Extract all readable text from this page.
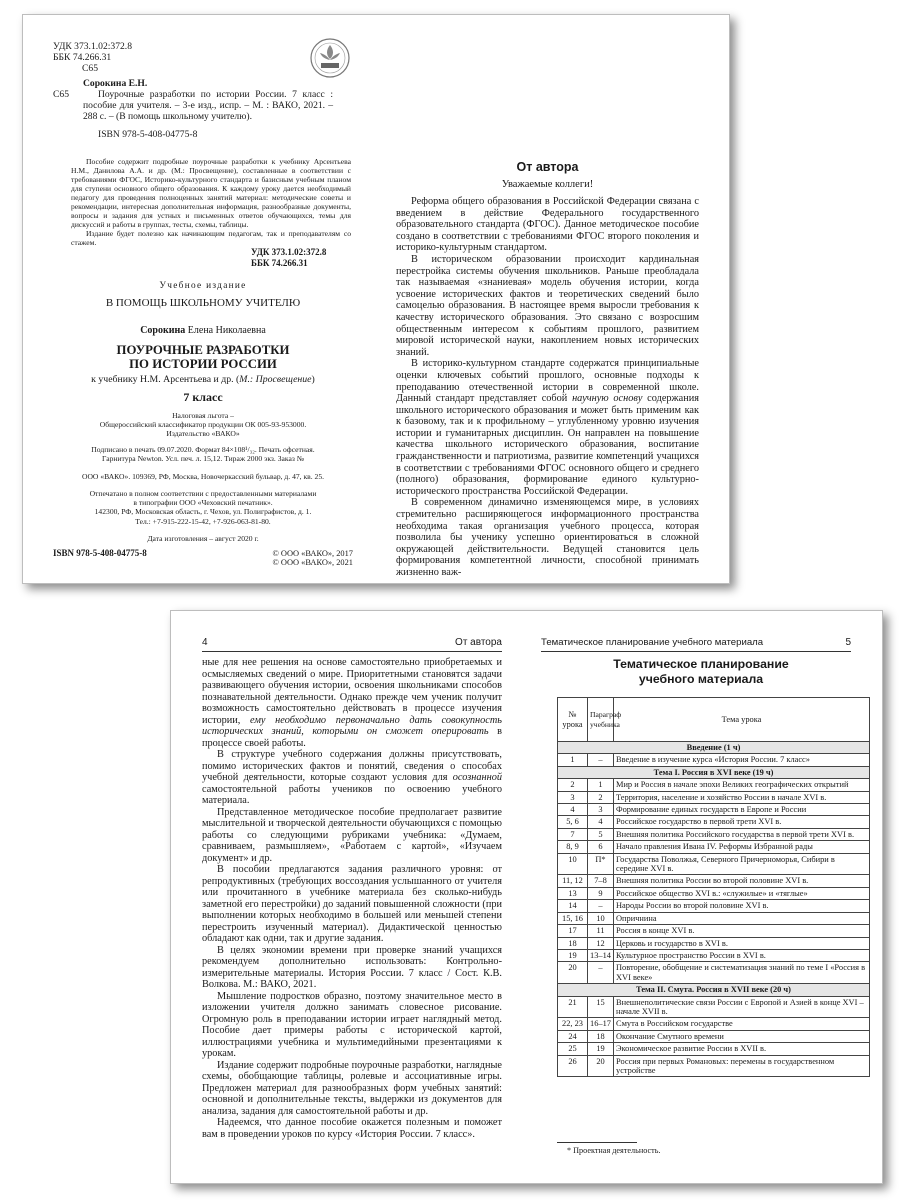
УДК 373.1.02:372.8
ББК 74.266.31
С65
Сорокина Е.Н.
С65	Поурочные разработки по истории России. 7 класс : пособие для учителя. – 3-е изд., испр. – М. : ВАКО, 2021. – 288 с. – (В помощь школьному учителю).
ISBN 978-5-408-04775-8

Пособие содержит подробные поурочные разработки к учебнику Арсентьева Н.М., Данилова А.А. и др. (М.: Просвещение), составленные в соответствии с требованиями ФГОС, Историко-культурного стандарта и базисным учебным планом для ступени основного общего образования. К каждому уроку дается необходимый педагогу для проведения полноценных занятий материал: методические советы и рекомендации, интересная дополнительная информация, разнообразные документы, вопросы и задания для устных и письменных ответов обучающихся, темы для дискуссий и работы в группах, тесты, схемы, таблицы.

Издание будет полезно как начинающим педагогам, так и преподавателям со стажем.

УДК 373.1.02:372.8
ББК 74.266.31
Учебное издание
В ПОМОЩЬ ШКОЛЬНОМУ УЧИТЕЛЮ
Сорокина Елена Николаевна
ПОУРОЧНЫЕ РАЗРАБОТКИ
ПО ИСТОРИИ РОССИИ
к учебнику Н.М. Арсентьева и др. (М.: Просвещение)
7 класс
Налоговая льгота –
Общероссийский классификатор продукции ОК 005-93-953000.
Издательство «ВАКО»
Подписано в печать 09.07.2020. Формат 84×108¹/₃₂. Печать офсетная.
Гарнитура Newton. Усл. печ. л. 15,12. Тираж 2000 экз. Заказ №
ООО «ВАКО». 109369, РФ, Москва, Новочеркасский бульвар, д. 47, кв. 25.
Отпечатано в полном соответствии с предоставленными материалами
в типографии ООО «Чеховский печатник».
142300, РФ, Московская область, г. Чехов, ул. Полиграфистов, д. 1.
Тел.: +7-915-222-15-42, +7-926-063-81-80.
Дата изготовления – август 2020 г.
ISBN 978-5-408-04775-8	© ООО «ВАКО», 2017
© ООО «ВАКО», 2021
От автора
Уважаемые коллеги!

Реформа общего образования в Российской Федерации связана с введением в действие Федерального государственного образовательного стандарта (ФГОС). Данное методическое пособие создано в соответствии с требованиями ФГОС второго поколения и историко-культурным стандартом.

В историческом образовании происходит кардинальная перестройка системы обучения школьников. Раньше преобладала так называемая «знаниевая» модель обучения истории, когда усвоение исторических фактов и теоретических сведений было самоцелью образования. В настоящее время выросли требования к качеству исторического образования. Это связано с возросшим общественным интересом к событиям прошлого, развитием мировой исторической науки, накоплением новых исторических знаний.

В историко-культурном стандарте содержатся принципиальные оценки ключевых событий прошлого, основные подходы к преподаванию отечественной истории в современной школе. Данный стандарт представляет собой научную основу содержания школьного исторического образования и может быть применим как к базовому, так и к профильному – углубленному уровню изучения истории и гуманитарных дисциплин. Он направлен на повышение качества школьного исторического образования, воспитание гражданственности и патриотизма, развитие компетенций учащихся в соответствии с требованиями ФГОС основного общего и среднего (полного) образования, формирование единого культурно-исторического пространства Российской Федерации.

В современном динамично изменяющемся мире, в условиях стремительно расширяющегося информационного пространства необходима такая организация учебного процесса, которая позволила бы ученику успешно ориентироваться в сложной окружающей действительности. Ведущей становится цель формирования компетентной личности, способной принимать жизненно важ-

4	От автора

ные для нее решения на основе самостоятельно приобретаемых и осмысляемых сведений о мире. Приоритетными становятся задачи развивающего обучения истории, освоения школьниками способов познавательной деятельности. Однако прежде чем ученик получит возможность самостоятельно действовать в процессе изучения истории, ему необходимо первоначально дать совокупность исторических знаний, которыми он сможет оперировать в процессе своей работы.

В структуре учебного содержания должны присутствовать, помимо исторических фактов и понятий, сведения о способах учебной деятельности, которые создают условия для осознанной самостоятельной работы учеников по освоению учебного материала.

Представленное методическое пособие предполагает развитие мыслительной и творческой деятельности обучающихся с помощью работы со следующими рубриками учебника: «Думаем, сравниваем, размышляем», «Работаем с картой», «Изучаем документ» и др.

В пособии предлагаются задания различного уровня: от репродуктивных (требующих воссоздания услышанного от учителя или прочитанного в учебнике материала без сколько-нибудь заметной его перестройки) до заданий повышенной сложности (при выполнении которых необходимо в большей или меньшей степени перестроить изученный материал). Дидактической ценностью обладают как одни, так и другие задания.

В целях экономии времени при проверке знаний учащихся рекомендуем дополнительно использовать: Контрольно-измерительные материалы. История России. 7 класс / Сост. К.В. Волкова. М.: ВАКО, 2021.

Мышление подростков образно, поэтому значительное место в изложении учителя должно занимать словесное рисование. Огромную роль в преподавании истории играет наглядный метод. Пособие дает примеры работы с исторической картой, иллюстрациями учебника и мультимедийными презентациями к урокам.

Издание содержит подробные поурочные разработки, наглядные схемы, обобщающие таблицы, ролевые и ассоциативные игры. Предложен материал для разнообразных форм учебных занятий: основной и дополнительные тексты, выдержки из документов для анализа, задания для самостоятельной работы и др.

Надеемся, что данное пособие окажется полезным и поможет вам в проведении уроков по курсу «История России. 7 класс».

Тематическое планирование учебного материала	5
Тематическое планирование учебного материала
№ урока	Параграф учебника	Тема урока
Введение (1 ч)		
1	–	Введение в изучение курса «История России. 7 класс»
Тема I. Россия в XVI веке (19 ч)		
2	1	Мир и Россия в начале эпохи Великих географических открытий
3	2	Территория, население и хозяйство России в начале XVI в.
4	3	Формирование единых государств в Европе и России
5, 6	4	Российское государство в первой трети XVI в.
7	5	Внешняя политика Российского государства в первой трети XVI в.
8, 9	6	Начало правления Ивана IV. Реформы Избранной рады
10	П*	Государства Поволжья, Северного Причерноморья, Сибири в середине XVI в.
11, 12	7–8	Внешняя политика России во второй половине XVI в.
13	9	Российское общество XVI в.: «служилые» и «тяглые»
14	–	Народы России во второй половине XVI в.
15, 16	10	Опричнина
17	11	Россия в конце XVI в.
18	12	Церковь и государство в XVI в.
19	13–14	Культурное пространство России в XVI в.
20	–	Повторение, обобщение и систематизация знаний по теме I «Россия в XVI веке»
Тема II. Смута. Россия в XVII веке (20 ч)		
21	15	Внешнеполитические связи России с Европой и Азией в конце XVI – начале XVII в.
22, 23	16–17	Смута в Российском государстве
24	18	Окончание Смутного времени
25	19	Экономическое развитие России в XVII в.
26	20	Россия при первых Романовых: перемены в государственном устройстве
* Проектная деятельность.
